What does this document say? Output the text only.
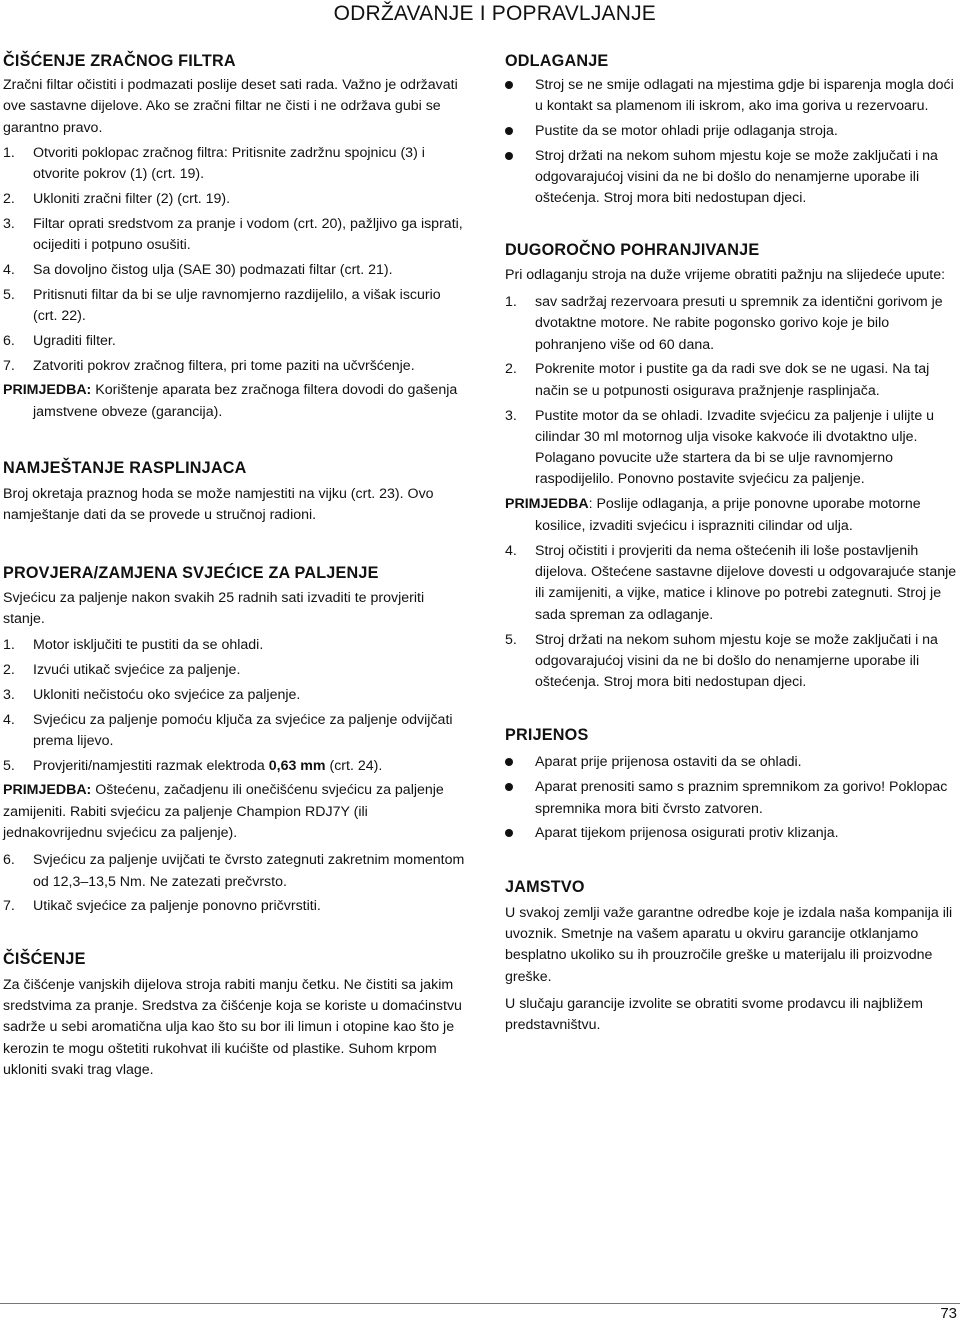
ODRŽAVANJE I POPRAVLJANJE
ČIŠĆENJE ZRAČNOG FILTRA

Zračni filtar očistiti i podmazati poslije deset sati rada. Važno je održavati ove sastavne dijelove. Ako se zračni filtar ne čisti i ne održava gubi se garantno pravo.

1. Otvoriti poklopac zračnog filtra: Pritisnite zadržnu spojnicu (3) i otvorite pokrov (1) (crt. 19).
2. Ukloniti zračni filter (2) (crt. 19).
3. Filtar oprati sredstvom za pranje i vodom (crt. 20), pažljivo ga isprati, ocijediti i potpuno osušiti.
4. Sa dovoljno čistog ulja (SAE 30) podmazati filtar (crt. 21).
5. Pritisnuti filtar da bi se ulje ravnomjerno razdijelilo, a višak iscurio (crt. 22).
6. Ugraditi filter.
7. Zatvoriti pokrov zračnog filtera, pri tome paziti na učvršćenje.
PRIMJEDBA: Korištenje aparata bez zračnoga filtera dovodi do gašenja jamstvene obveze (garancija).
NAMJEŠTANJE RASPLINJACA

Broj okretaja praznog hoda se može namjestiti na vijku (crt. 23). Ovo namještanje dati da se provede u stručnoj radioni.

PROVJERA/ZAMJENA SVJEĆICE ZA PALJENJE

Svjećicu za paljenje nakon svakih 25 radnih sati izvaditi te provjeriti stanje.

1. Motor isključiti te pustiti da se ohladi.
2. Izvući utikač svjećice za paljenje.
3. Ukloniti nečistoću oko svjećice za paljenje.
4. Svjećicu za paljenje pomoću ključa za svjećice za paljenje odvijčati prema lijevo.
5. Provjeriti/namjestiti razmak elektroda 0,63 mm (crt. 24).
PRIMJEDBA: Oštećenu, začadjenu ili onečišćenu svjećicu za paljenje zamijeniti. Rabiti svjećicu za paljenje Champion RDJ7Y (ili jednakovrijednu svjećicu za paljenje).
6. Svjećicu za paljenje uvijčati te čvrsto zategnuti zakretnim momentom od 12,3–13,5 Nm. Ne zatezati prečvrsto.
7. Utikač svjećice za paljenje ponovno pričvrstiti.
ČIŠĆENJE

Za čišćenje vanjskih dijelova stroja rabiti manju četku. Ne čistiti sa jakim sredstvima za pranje. Sredstva za čišćenje koja se koriste u domaćinstvu sadrže u sebi aromatična ulja kao što su bor ili limun i otopine kao što je kerozin te mogu oštetiti rukohvat ili kućište od plastike. Suhom krpom ukloniti svaki trag vlage.

ODLAGANJE
Stroj se ne smije odlagati na mjestima gdje bi isparenja mogla doći u kontakt sa plamenom ili iskrom, ako ima goriva u rezervoaru.
Pustite da se motor ohladi prije odlaganja stroja.
Stroj držati na nekom suhom mjestu koje se može zaključati i na odgovarajućoj visini da ne bi došlo do nenamjerne uporabe ili oštećenja. Stroj mora biti nedostupan djeci.
DUGOROČNO POHRANJIVANJE

Pri odlaganju stroja na duže vrijeme obratiti pažnju na slijedeće upute:

1. sav sadržaj rezervoara presuti u spremnik za identični gorivom je dvotaktne motore. Ne rabite pogonsko gorivo koje je bilo pohranjeno više od 60 dana.
2. Pokrenite motor i pustite ga da radi sve dok se ne ugasi. Na taj način se u potpunosti osigurava pražnjenje rasplinjača.
3. Pustite motor da se ohladi. Izvadite svjećicu za paljenje i ulijte u cilindar 30 ml motornog ulja visoke kakvoće ili dvotaktno ulje. Polagano povucite uže startera da bi se ulje ravnomjerno raspodijelilo. Ponovno postavite svjećicu za paljenje.
PRIMJEDBA: Poslije odlaganja, a prije ponovne uporabe motorne kosilice, izvaditi svjećicu i isprazniti cilindar od ulja.
4. Stroj očistiti i provjeriti da nema oštećenih ili loše postavljenih dijelova. Oštećene sastavne dijelove dovesti u odgovarajuće stanje ili zamijeniti, a vijke, matice i klinove po potrebi zategnuti. Stroj je sada spreman za odlaganje.
5. Stroj držati na nekom suhom mjestu koje se može zaključati i na odgovarajućoj visini da ne bi došlo do nenamjerne uporabe ili oštećenja. Stroj mora biti nedostupan djeci.
PRIJENOS
Aparat prije prijenosa ostaviti da se ohladi.
Aparat prenositi samo s praznim spremnikom za gorivo! Poklopac spremnika mora biti čvrsto zatvoren.
Aparat tijekom prijenosa osigurati protiv klizanja.
JAMSTVO

U svakoj zemlji važe garantne odredbe koje je izdala naša kompanija ili uvoznik. Smetnje na vašem aparatu u okviru garancije otklanjamo besplatno ukoliko su ih prouzročile greške u materijalu ili proizvodne greške.

U slučaju garancije izvolite se obratiti svome prodavcu ili najbližem predstavništvu.

73
